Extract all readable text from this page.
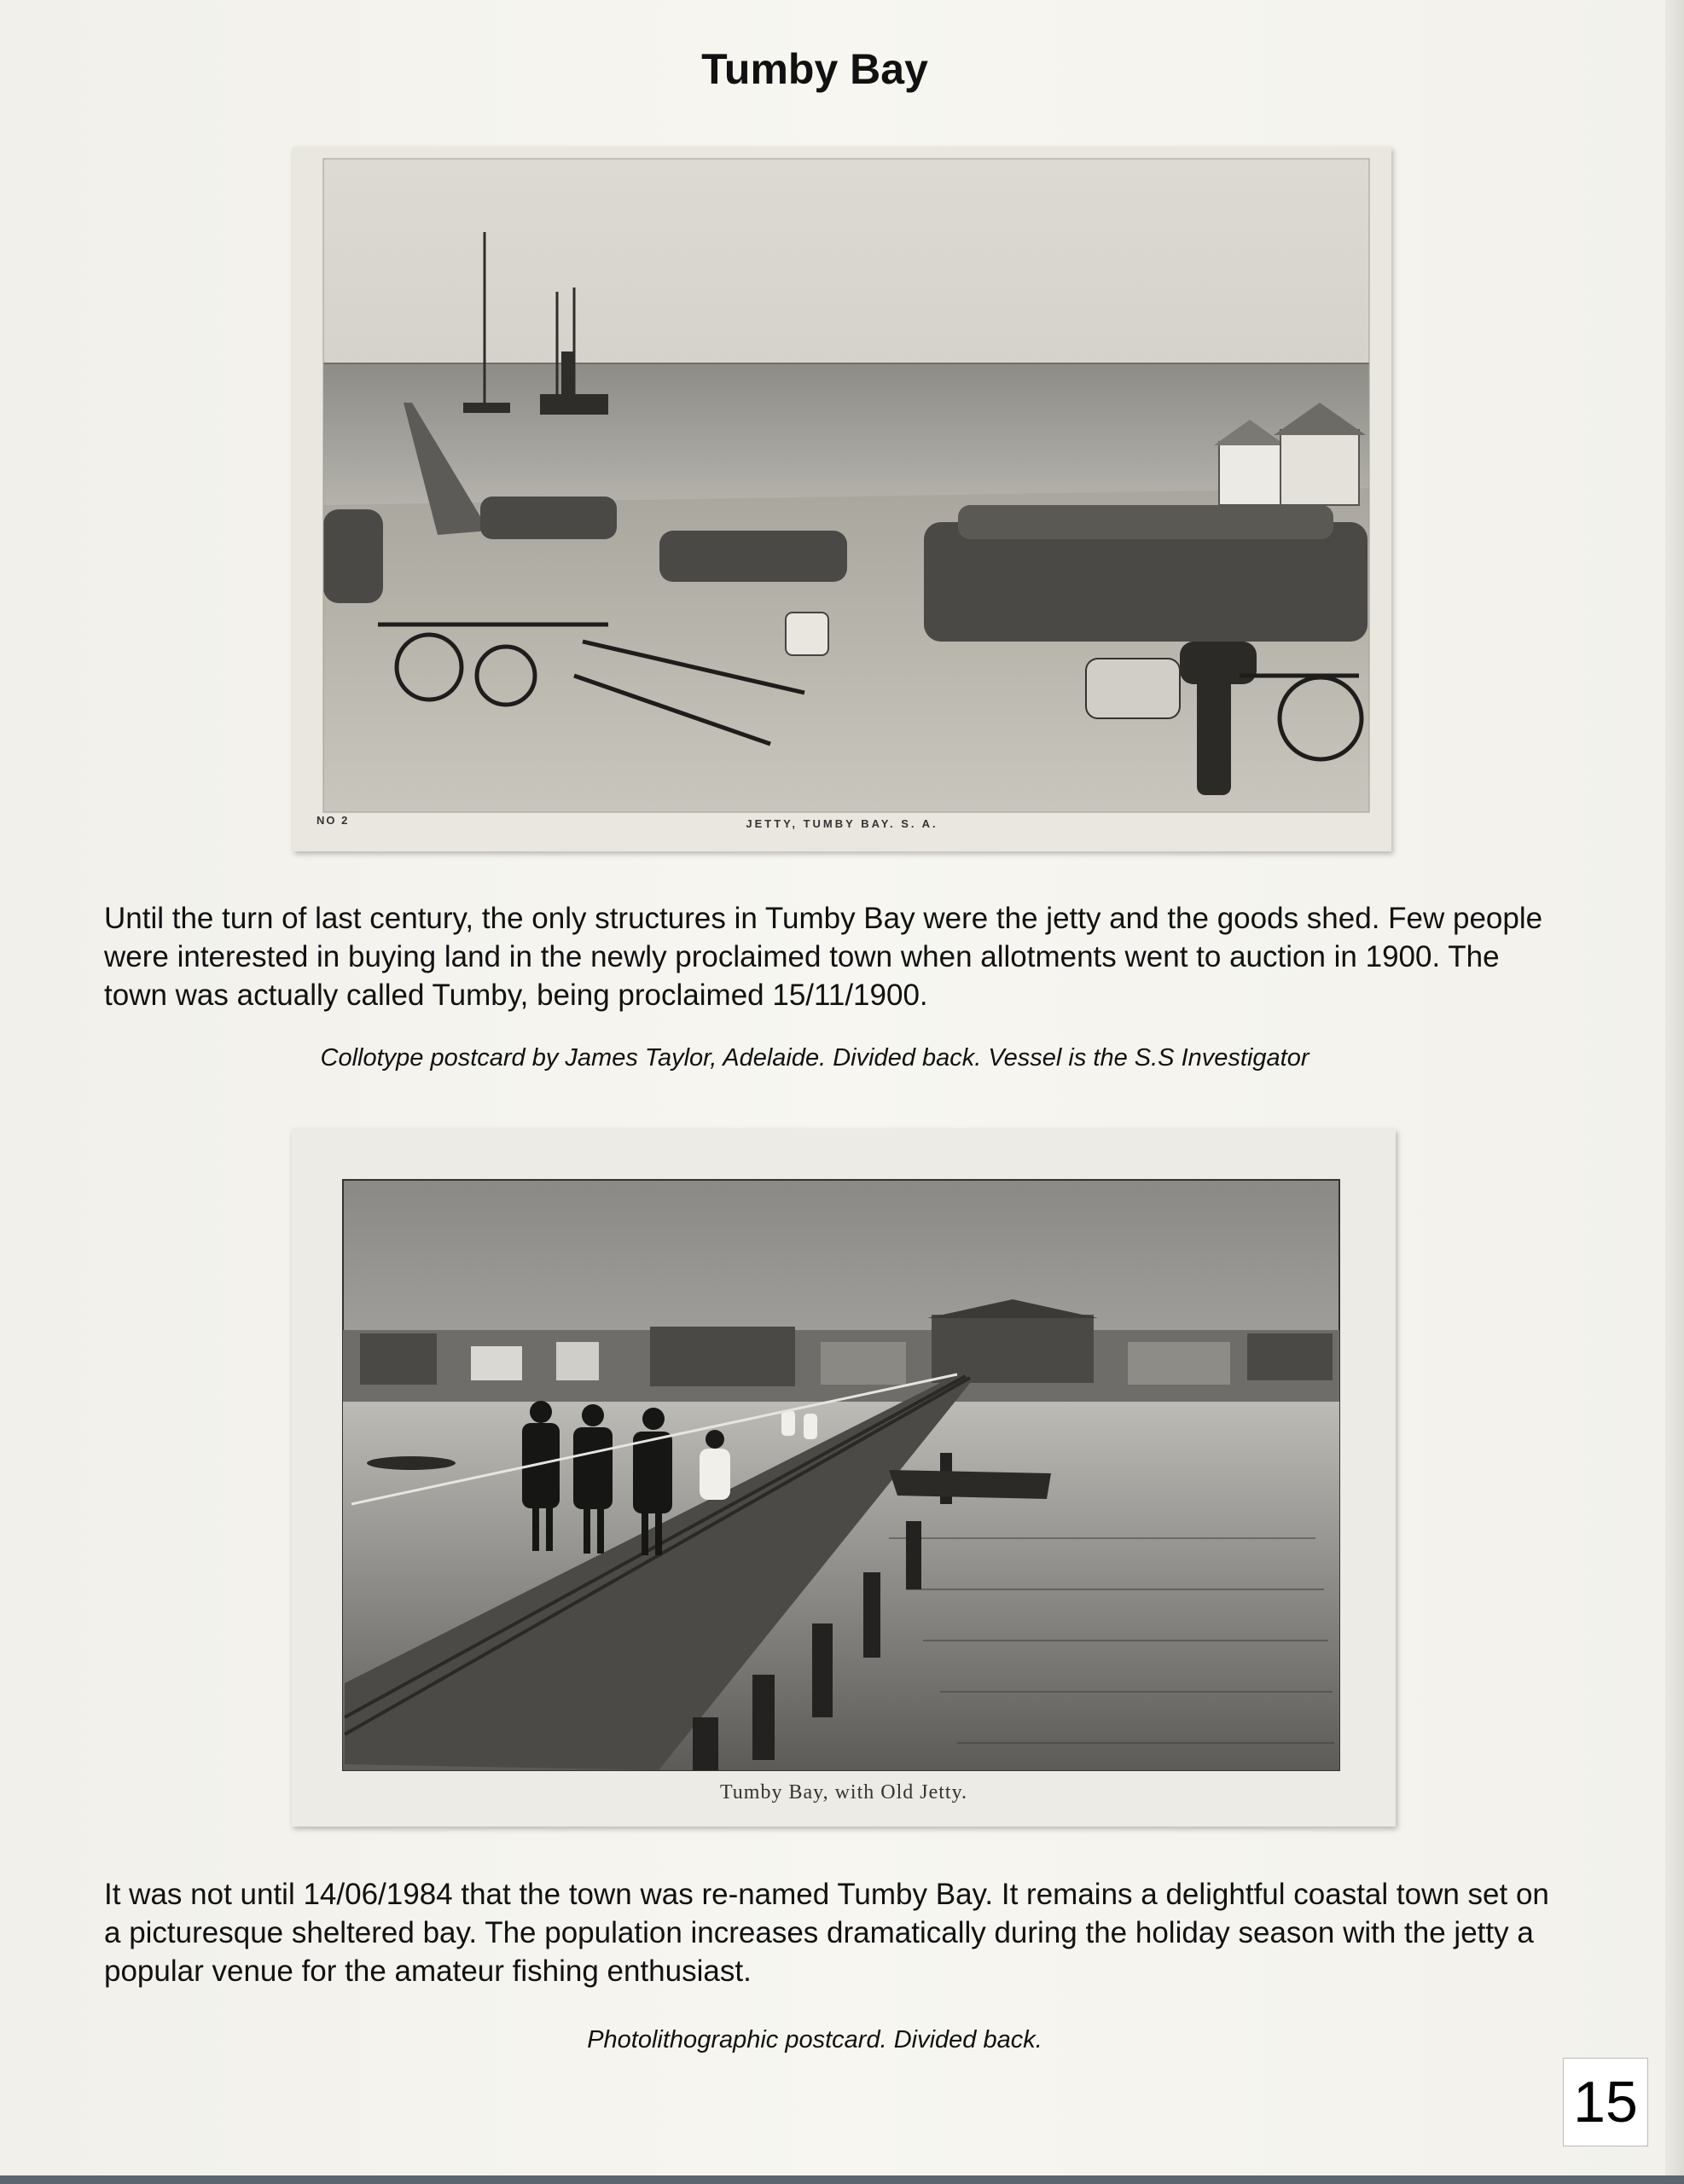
Tumby Bay
NO 2	JETTY, TUMBY BAY. S. A.
Until the turn of last century, the only structures in Tumby Bay were the jetty and the goods shed. Few people were interested in buying land in the newly proclaimed town when allotments went to auction in 1900. The town was actually called Tumby, being proclaimed 15/11/1900.
Collotype postcard by James Taylor, Adelaide. Divided back. Vessel is the S.S Investigator
Tumby Bay, with Old Jetty.
It was not until 14/06/1984 that the town was re-named Tumby Bay. It remains a delightful coastal town set on a picturesque sheltered bay. The population increases dramatically during the holiday season with the jetty a popular venue for the amateur fishing enthusiast.
Photolithographic postcard. Divided back.
15
